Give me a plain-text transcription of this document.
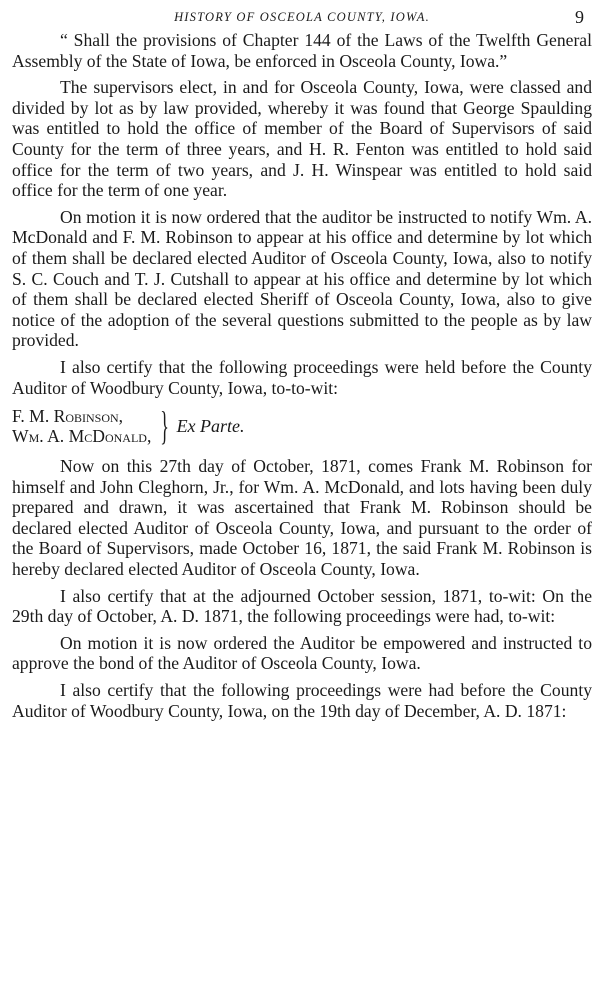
HISTORY OF OSCEOLA COUNTY, IOWA.	9

“ Shall the provisions of Chapter 144 of the Laws of the Twelfth General Assembly of the State of Iowa, be enforced in Osceola County, Iowa.”

The supervisors elect, in and for Osceola County, Iowa, were classed and divided by lot as by law provided, whereby it was found that George Spaulding was entitled to hold the office of member of the Board of Supervisors of said County for the term of three years, and H. R. Fenton was entitled to hold said office for the term of two years, and J. H. Winspear was entitled to hold said office for the term of one year.

On motion it is now ordered that the auditor be instructed to notify Wm. A. McDonald and F. M. Robinson to appear at his office and determine by lot which of them shall be declared elected Auditor of Osceola County, Iowa, also to notify S. C. Couch and T. J. Cutshall to appear at his office and determine by lot which of them shall be declared elected Sheriff of Osceola County, Iowa, also to give notice of the adoption of the several questions submitted to the people as by law provided.

I also certify that the following proceedings were held before the County Auditor of Woodbury County, Iowa, to-to-wit:

F. M. Robinson,
Wm. A. McDonald, } Ex Parte.

Now on this 27th day of October, 1871, comes Frank M. Robinson for himself and John Cleghorn, Jr., for Wm. A. McDonald, and lots having been duly prepared and drawn, it was ascertained that Frank M. Robinson should be declared elected Auditor of Osceola County, Iowa, and pursuant to the order of the Board of Supervisors, made October 16, 1871, the said Frank M. Robinson is hereby declared elected Auditor of Osceola County, Iowa.

I also certify that at the adjourned October session, 1871, to-wit: On the 29th day of October, A. D. 1871, the following proceedings were had, to-wit:

On motion it is now ordered the Auditor be empowered and instructed to approve the bond of the Auditor of Osceola County, Iowa.

I also certify that the following proceedings were had before the County Auditor of Woodbury County, Iowa, on the 19th day of December, A. D. 1871:
